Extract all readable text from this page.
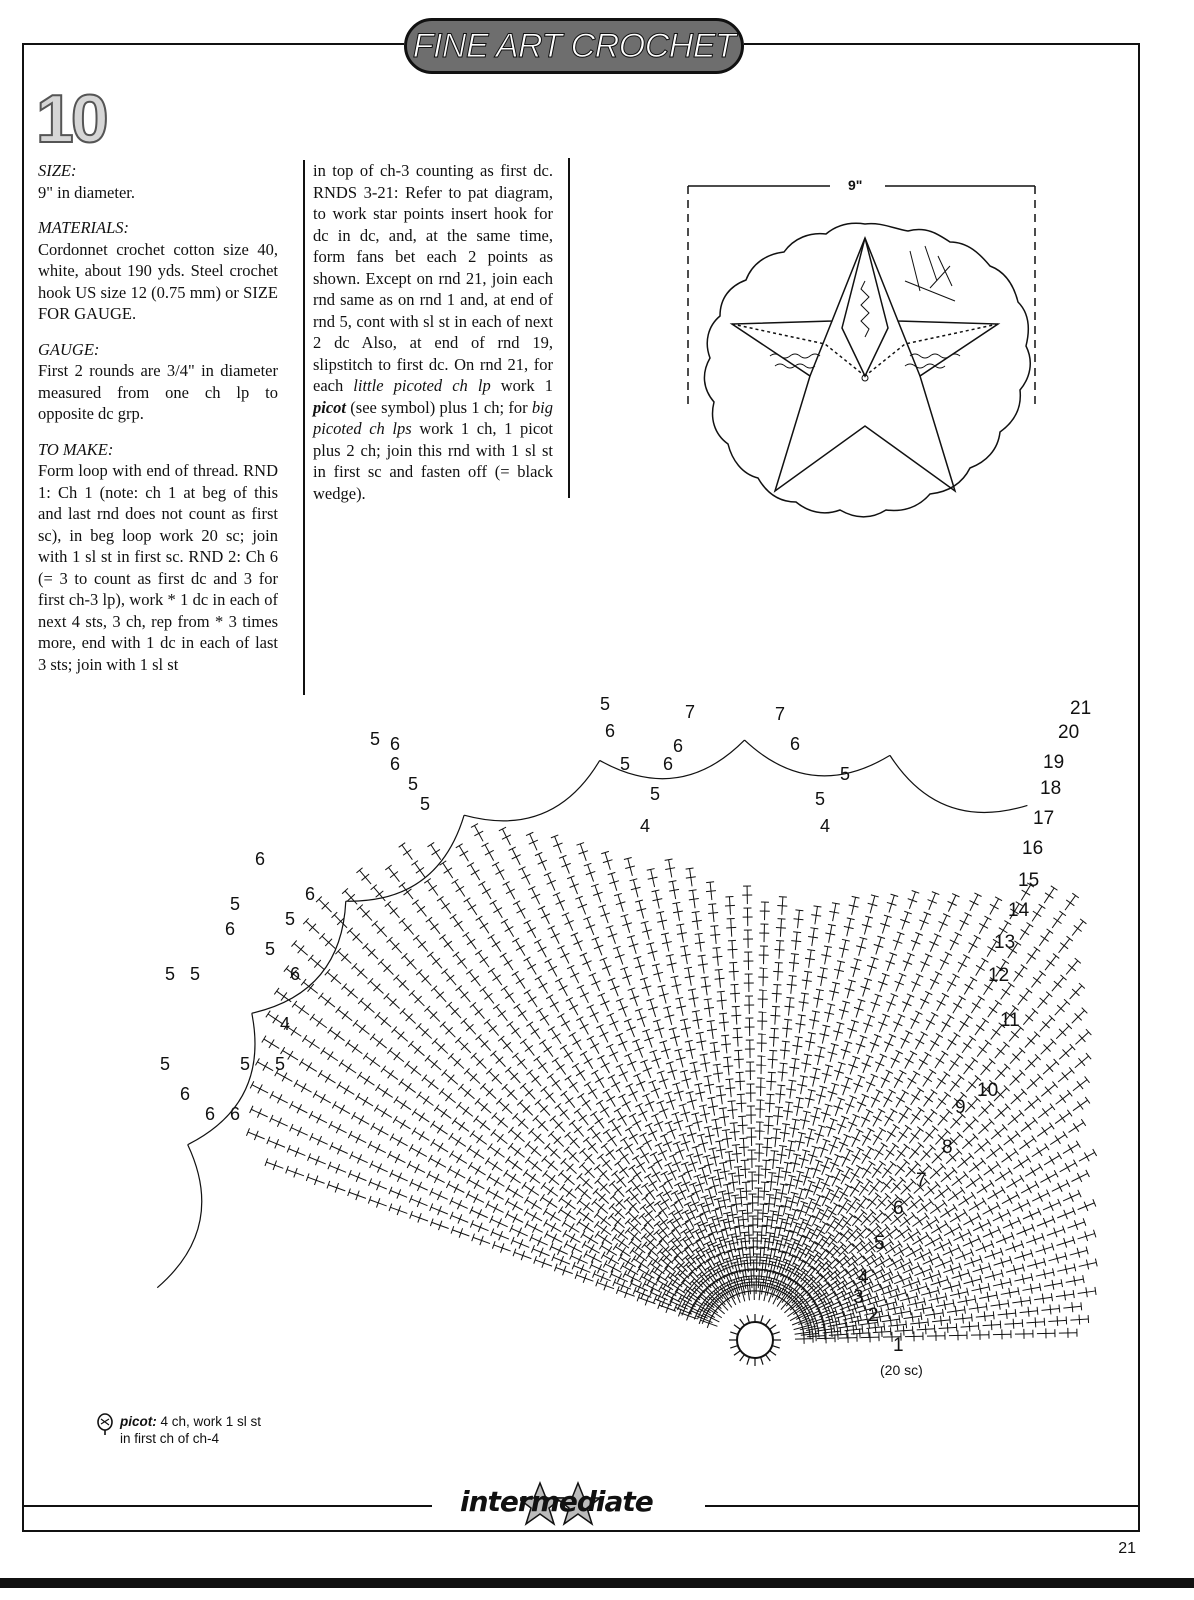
FINE ART CROCHET
10

SIZE:
9" in diameter.

MATERIALS:
Cordonnet crochet cotton size 40, white, about 190 yds. Steel crochet hook US size 12 (0.75 mm) or SIZE FOR GAUGE.

GAUGE:
First 2 rounds are 3/4" in diameter measured from one ch lp to opposite dc grp.

TO MAKE:
Form loop with end of thread. RND 1: Ch 1 (note: ch 1 at beg of this and last rnd does not count as first sc), in beg loop work 20 sc; join with 1 sl st in first sc. RND 2: Ch 6 (= 3 to count as first dc and 3 for first ch-3 lp), work * 1 dc in each of next 4 sts, 3 ch, rep from * 3 times more, end with 1 dc in each of last 3 sts; join with 1 sl st

in top of ch-3 counting as first dc. RNDS 3-21: Refer to pat diagram, to work star points insert hook for dc in dc, and, at the same time, form fans bet each 2 points as shown. Except on rnd 21, join each rnd same as on rnd 1 and, at end of rnd 5, cont with sl st in each of next 2 dc Also, at end of rnd 19, slipstitch to first dc. On rnd 21, for each little picoted ch lp work 1 picot (see symbol) plus 1 ch; for big picoted ch lps work 1 ch, 1 picot plus 2 ch; join this rnd with 1 sl st in first sc and fasten off (= black wedge).

9"
7	7
6
6	6
6
5
5
5	5
5
4	4
6
5
6
5
5
6
5	6
5
6
5
6
5 5
4
6
6 6
5	5 5
(20 sc)
1
2
3
4
5
6
7
8
9
10
11
12
13
14
15
16
17
18
19
20
21
picot: 4 ch, work 1 sl st
in first ch of ch-4
intermediate
21
